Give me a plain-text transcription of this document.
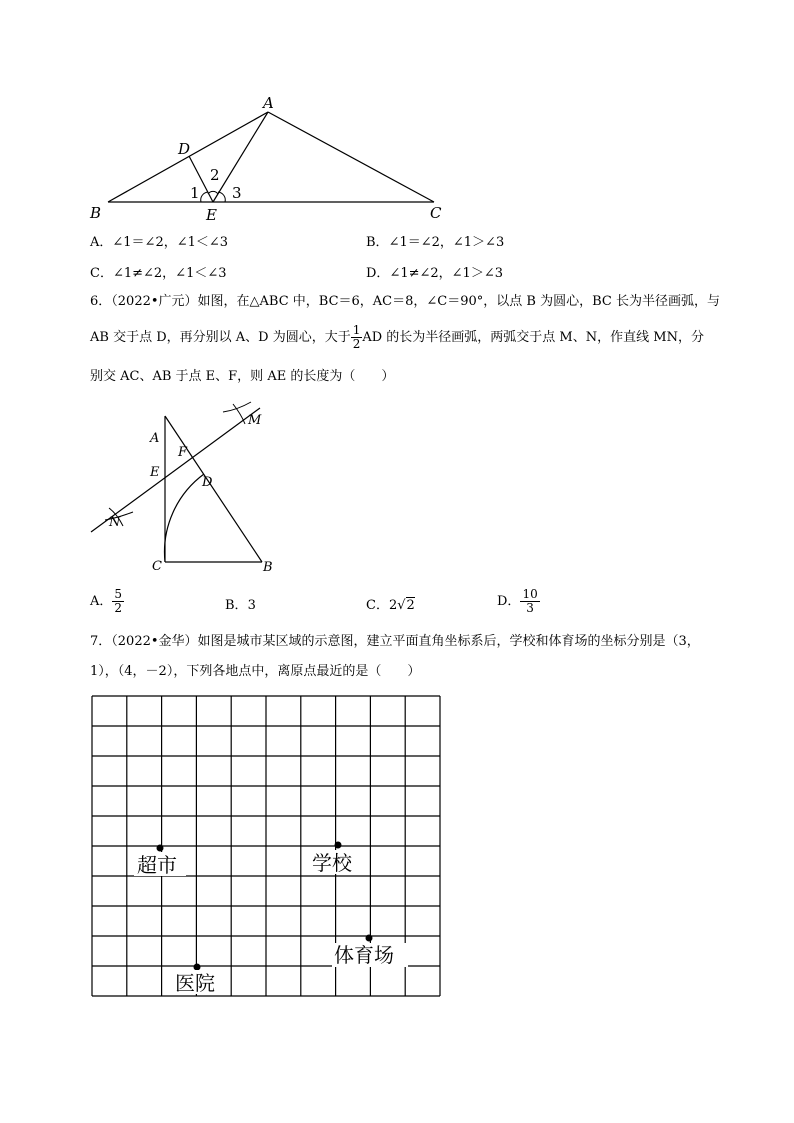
A
B	C
D
E
1
2
3
A．∠1＝∠2，∠1＜∠3	B．∠1＝∠2，∠1＞∠3
C．∠1≠∠2，∠1＜∠3	D．∠1≠∠2，∠1＞∠3
6．（2022•广元）如图，在△ABC 中，BC＝6，AC＝8，∠C＝90°，以点 B 为圆心，BC 长为半径画弧，与
AB 交于点 D，再分别以 A、D 为圆心，大于 $\frac{1}{2}$ AD 的长为半径画弧，两弧交于点 M、N，作直线 MN，分
别交 AC、AB 于点 E、F，则 AE 的长度为（　　）
A
E
F
D
M
N
C	B
A． $\frac{5}{2}$	B．3	C．2√2	D． $\frac{10}{3}$
7．（2022•金华）如图是城市某区域的示意图，建立平面直角坐标系后，学校和体育场的坐标分别是（3，
1），（4，－2），下列各地点中，离原点最近的是（　　）
超市	学校
体育场
医院
